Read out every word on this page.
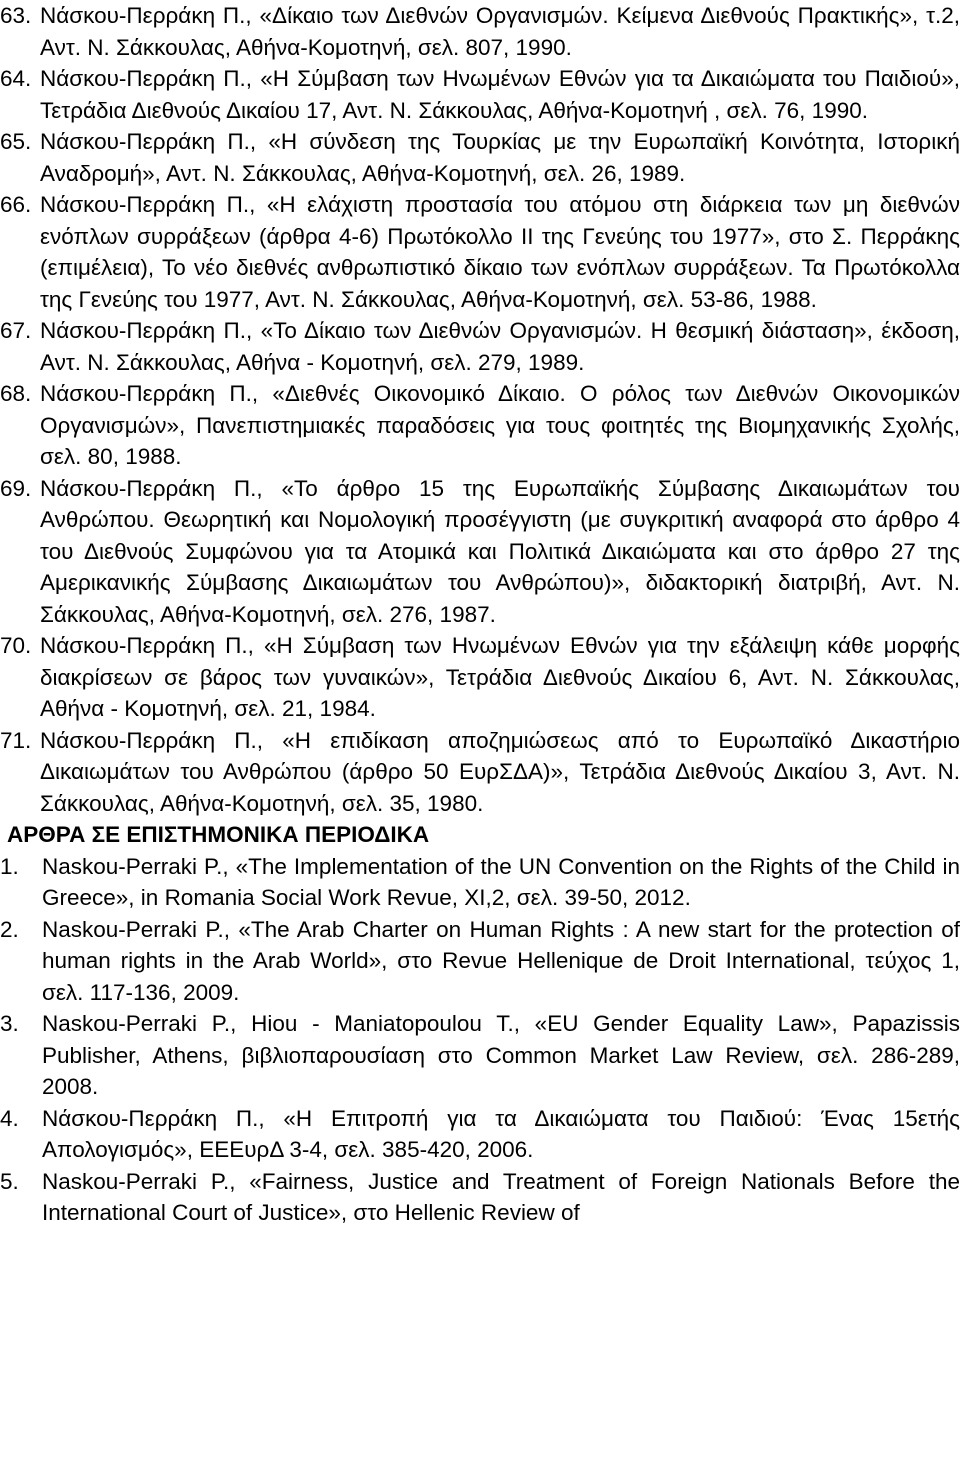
63. Νάσκου-Περράκη Π., «Δίκαιο των Διεθνών Οργανισμών. Κείμενα Διεθνούς Πρακτικής», τ.2, Αντ. Ν. Σάκκουλας, Αθήνα-Κομοτηνή, σελ. 807, 1990.
64. Νάσκου-Περράκη Π., «Η Σύμβαση των Ηνωμένων Εθνών για τα Δικαιώματα του Παιδιού», Τετράδια Διεθνούς Δικαίου 17, Αντ. Ν. Σάκκουλας, Αθήνα-Κομοτηνή , σελ. 76, 1990.
65. Νάσκου-Περράκη Π., «Η σύνδεση της Τουρκίας με την Ευρωπαϊκή Κοινότητα, Ιστορική Αναδρομή», Αντ. Ν. Σάκκουλας, Αθήνα-Κομοτηνή, σελ. 26, 1989.
66. Νάσκου-Περράκη Π., «Η ελάχιστη προστασία του ατόμου στη διάρκεια των μη διεθνών ενόπλων συρράξεων (άρθρα 4-6) Πρωτόκολλο ΙΙ της Γενεύης του 1977», στο Σ. Περράκης (επιμέλεια), Το νέο διεθνές ανθρωπιστικό δίκαιο των ενόπλων συρράξεων. Τα Πρωτόκολλα της Γενεύης του 1977, Αντ. Ν. Σάκκουλας, Αθήνα-Κομοτηνή, σελ. 53-86, 1988.
67. Νάσκου-Περράκη Π., «Το Δίκαιο των Διεθνών Οργανισμών. Η θεσμική διάσταση», έκδοση, Αντ. Ν. Σάκκουλας, Αθήνα - Κομοτηνή, σελ. 279, 1989.
68. Νάσκου-Περράκη Π., «Διεθνές Οικονομικό Δίκαιο. Ο ρόλος των Διεθνών Οικονομικών Οργανισμών», Πανεπιστημιακές παραδόσεις για τους φοιτητές της Βιομηχανικής Σχολής, σελ. 80, 1988.
69. Νάσκου-Περράκη Π., «Το άρθρο 15 της Ευρωπαϊκής Σύμβασης Δικαιωμάτων του Ανθρώπου. Θεωρητική και Νομολογική προσέγγιστη (με συγκριτική αναφορά στο άρθρο 4 του Διεθνούς Συμφώνου για τα Ατομικά και Πολιτικά Δικαιώματα και στο άρθρο 27 της Αμερικανικής Σύμβασης Δικαιωμάτων του Ανθρώπου)», διδακτορική διατριβή, Αντ. Ν. Σάκκουλας, Αθήνα-Κομοτηνή, σελ. 276, 1987.
70. Νάσκου-Περράκη Π., «Η Σύμβαση των Ηνωμένων Εθνών για την εξάλειψη κάθε μορφής διακρίσεων σε βάρος των γυναικών», Τετράδια Διεθνούς Δικαίου 6, Αντ. Ν. Σάκκουλας, Αθήνα - Κομοτηνή, σελ. 21, 1984.
71. Νάσκου-Περράκη Π., «Η επιδίκαση αποζημιώσεως από το Ευρωπαϊκό Δικαστήριο Δικαιωμάτων του Ανθρώπου (άρθρο 50 ΕυρΣΔΑ)», Τετράδια Διεθνούς Δικαίου 3, Αντ. Ν. Σάκκουλας, Αθήνα-Κομοτηνή, σελ. 35, 1980.
ΑΡΘΡΑ ΣΕ ΕΠΙΣΤΗΜΟΝΙΚΑ ΠΕΡΙΟΔΙΚΑ
1.	Naskou-Perraki P., «The Implementation of the UN Convention on the Rights of the Child in Greece», in Romania Social Work Revue, XI,2, σελ. 39-50, 2012.
2.	Naskou-Perraki P., «The Arab Charter on Human Rights : A new start for the protection of human rights in the Arab World», στο Revue Hellenique de Droit International, τεύχος 1, σελ. 117-136, 2009.
3.	Naskou-Perraki P., Hiou - Maniatopoulou T., «EU Gender Equality Law», Papazissis Publisher, Athens, βιβλιοπαρουσίαση στο Common Market Law Review, σελ. 286-289, 2008.
4.	Νάσκου-Περράκη Π., «Η Επιτροπή για τα Δικαιώματα του Παιδιού: Ένας 15ετής Απολογισμός», ΕΕΕυρΔ 3-4, σελ. 385-420, 2006.
5.	Naskou-Perraki P., «Fairness, Justice and Treatment of Foreign Nationals Before the International Court of Justice», στο Hellenic Review of
